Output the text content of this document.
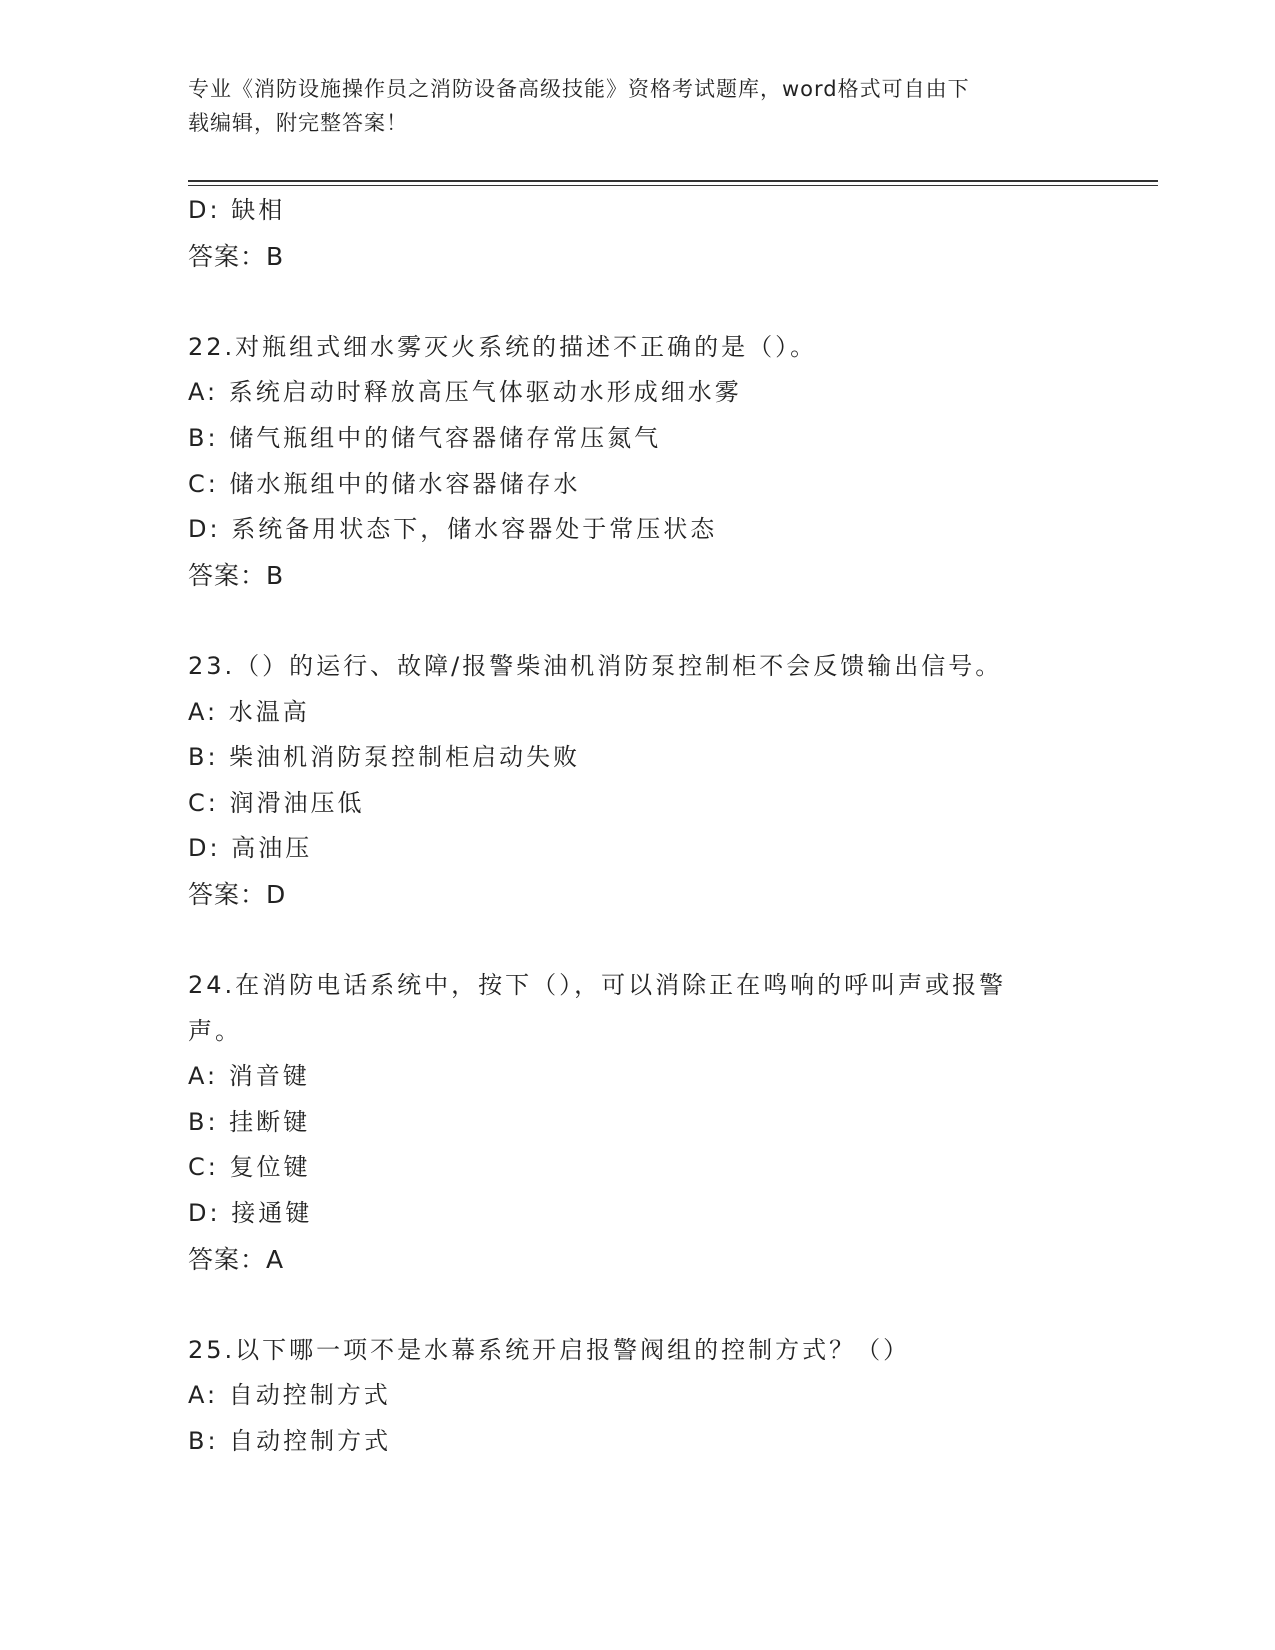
专业《消防设施操作员之消防设备高级技能》资格考试题库，word格式可自由下
载编辑，附完整答案！
D: 缺相
答案：B
22.对瓶组式细水雾灭火系统的描述不正确的是（）。
A: 系统启动时释放高压气体驱动水形成细水雾
B: 储气瓶组中的储气容器储存常压氮气
C: 储水瓶组中的储水容器储存水
D: 系统备用状态下，储水容器处于常压状态
答案：B
23.（）的运行、故障/报警柴油机消防泵控制柜不会反馈输出信号。
A: 水温高
B: 柴油机消防泵控制柜启动失败
C: 润滑油压低
D: 高油压
答案：D
24.在消防电话系统中，按下（），可以消除正在鸣响的呼叫声或报警
声。
A: 消音键
B: 挂断键
C: 复位键
D: 接通键
答案：A
25.以下哪一项不是水幕系统开启报警阀组的控制方式？（）
A: 自动控制方式
B: 自动控制方式
